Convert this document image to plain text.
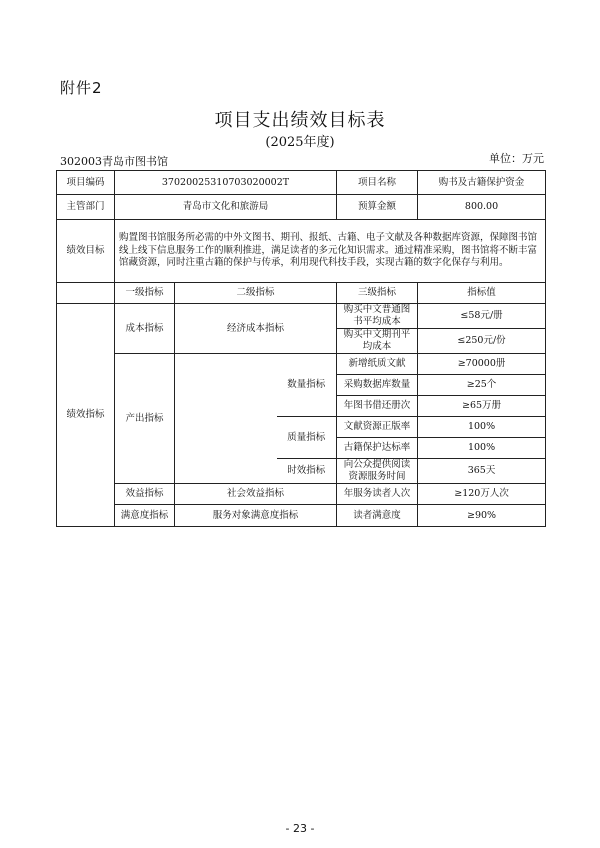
附件2
项目支出绩效目标表
(2025年度)
302003青岛市图书馆	单位：万元
项目编码	37020025310703020002T			项目名称	购书及古籍保护资金
主管部门	青岛市文化和旅游局			预算金额	800.00
绩效目标	购置图书馆服务所必需的中外文图书、期刊、报纸、古籍、电子文献及各种数据库资源，保障图书馆线上线下信息服务工作的顺利推进，满足读者的多元化知识需求。通过精准采购，图书馆将不断丰富馆藏资源，同时注重古籍的保护与传承，利用现代科技手段，实现古籍的数字化保存与利用。				
	一级指标	二级指标		三级指标	指标值
绩效指标	成本指标	经济成本指标		购买中文普通图书平均成本	≤58元/册
				购买中文期刊平均成本	≤250元/份
	产出指标		数量指标	新增纸质文献	≥70000册
				采购数据库数量	≥25个
				年图书借还册次	≥65万册
			质量指标	文献资源正版率	100%
				古籍保护达标率	100%
			时效指标	向公众提供阅读资源服务时间	365天
	效益指标	社会效益指标		年服务读者人次	≥120万人次
	满意度指标	服务对象满意度指标		读者满意度	≥90%
- 23 -
